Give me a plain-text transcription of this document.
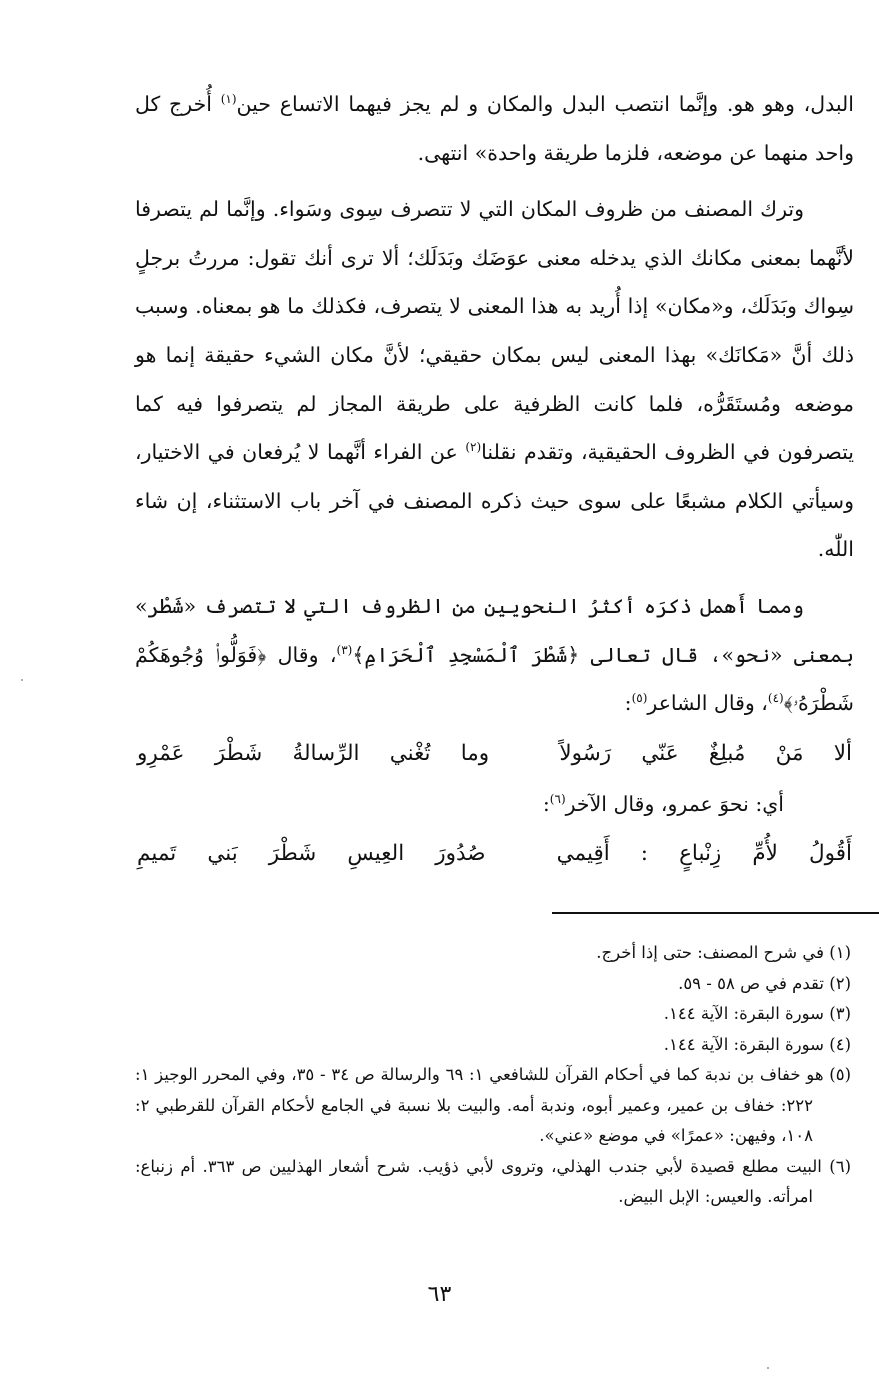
البدل، وهو هو. وإنَّما انتصب البدل والمكان و لم يجز فيهما الاتساع حين$^{(١)}$ أُخرج كل واحد منهما عن موضعه، فلزما طريقة واحدة» انتهى.

وترك المصنف من ظروف المكان التي لا تتصرف سِوى وسَواء. وإنَّما لم يتصرفا لأنَّهما بمعنى مكانك الذي يدخله معنى عوَضَك وبَدَلَك؛ ألا ترى أنك تقول: مررتُ برجلٍ سِواك وبَدَلَك، و«مكان» إذا أُريد به هذا المعنى لا يتصرف، فكذلك ما هو بمعناه. وسبب ذلك أنَّ «مَكانَك» بهذا المعنى ليس بمكان حقيقي؛ لأنَّ مكان الشيء حقيقة إنما هو موضعه ومُستَقَرُّه، فلما كانت الظرفية على طريقة المجاز لم يتصرفوا فيه كما يتصرفون في الظروف الحقيقية، وتقدم نقلنا$^{(٢)}$ عن الفراء أنَّهما لا يُرفعان في الاختيار، وسيأتي الكلام مشبعًا على سوى حيث ذكره المصنف في آخر باب الاستثناء، إن شاء اللّٰه.

ومما أَهمل ذكرَه أكثرُ النحويين من الظروف التي لا تتصرف «شَطْر» بمعنى «نحو»، قال تعالى ﴿شَطْرَ ٱلْمَسْجِدِ ٱلْحَرَامِ﴾$^{(٣)}$، وقال ﴿فَوَلُّوا۟ وُجُوهَكُمْ شَطْرَهُۥ﴾$^{(٤)}$، وقال الشاعر$^{(٥)}$:

ألا
مَنْ
مُبلِغٌ
عَنّي
رَسُولاً
وما
تُغْني
الرِّسالةُ
شَطْرَ
عَمْرِو

أي: نحوَ عمرو، وقال الآخر$^{(٦)}$:

أَقُولُ
لأُمِّ
زِنْباعٍ
:
أَقِيمي
صُدُورَ
العِيسِ
شَطْرَ
بَني
تَميمِ

(١) في شرح المصنف: حتى إذا أخرج.

(٢) تقدم في ص ٥٨ - ٥٩.

(٣) سورة البقرة: الآية ١٤٤.

(٤) سورة البقرة: الآية ١٤٤.

(٥) هو خفاف بن ندبة كما في أحكام القرآن للشافعي ١: ٦٩ والرسالة ص ٣٤ - ٣٥، وفي المحرر الوجيز ١: ٢٢٢: خفاف بن عمير، وعمير أبوه، وندبة أمه. والبيت بلا نسبة في الجامع لأحكام القرآن للقرطبي ٢: ١٠٨، وفيهن: «عمرًا» في موضع «عني».

(٦) البيت مطلع قصيدة لأبي جندب الهذلي، وتروى لأبي ذؤيب. شرح أشعار الهذليين ص ٣٦٣. أم زنباع: امرأته. والعيس: الإبل البيض.

٦٣
